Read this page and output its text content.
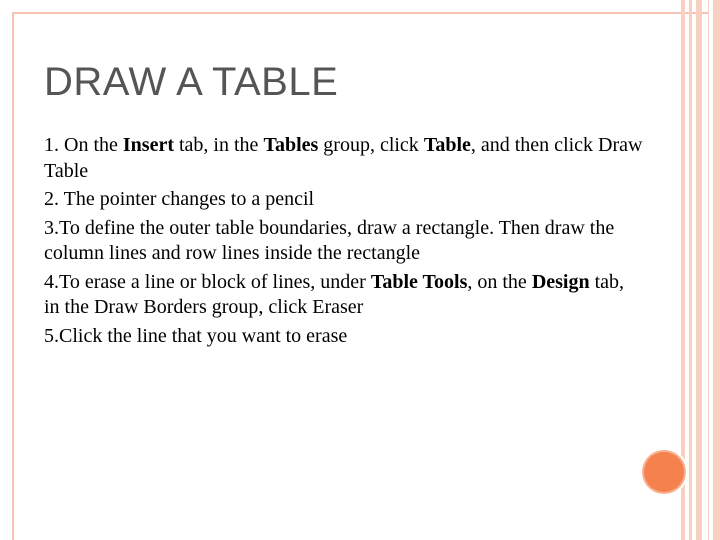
DRAW A TABLE

1. On the Insert tab, in the Tables group, click Table, and then click Draw Table

2. The pointer changes to a pencil

3.To define the outer table boundaries, draw a rectangle. Then draw the column lines and row lines inside the rectangle

4.To erase a line or block of lines, under Table Tools, on the Design tab, in the Draw Borders group, click Eraser

5.Click the line that you want to erase
